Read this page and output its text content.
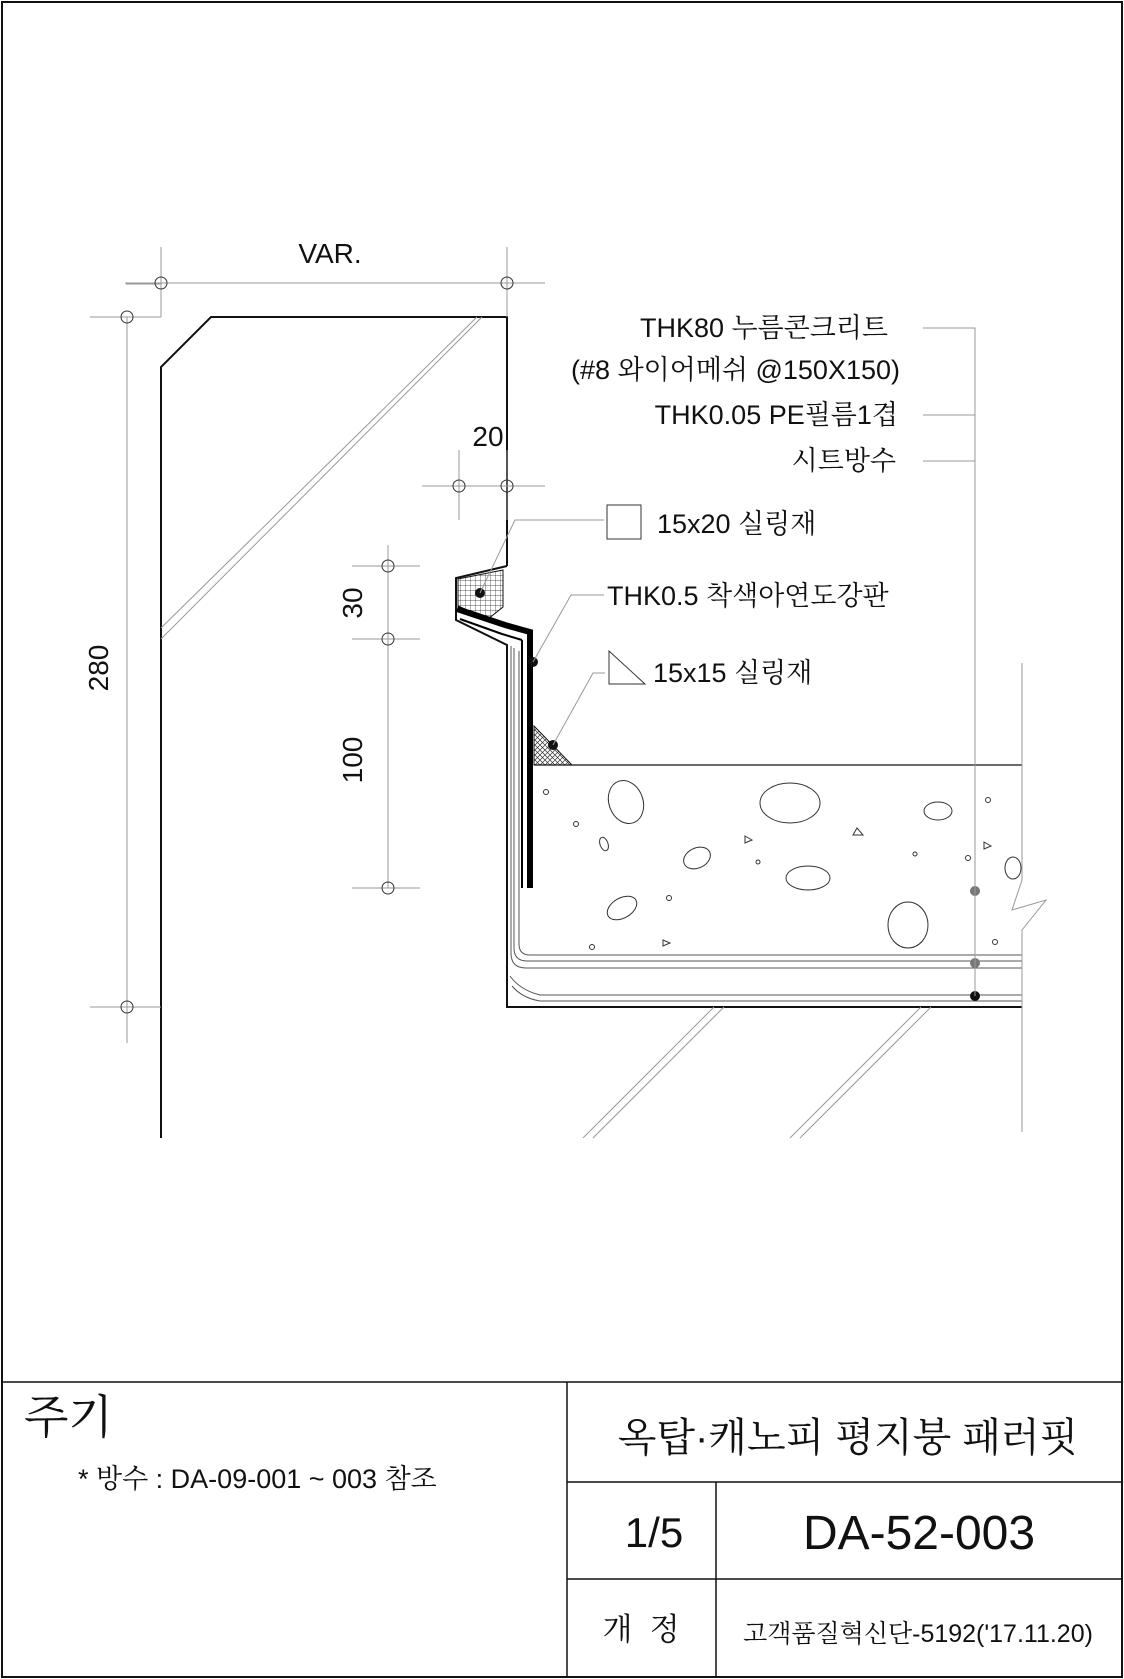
VAR.
20
30
100
280
THK80 누름콘크리트
(#8 와이어메쉬 @150X150)
THK0.05 PE필름1겹
시트방수
15x20 실링재
THK0.5 착색아연도강판
15x15 실링재
주기
* 방수 : DA-09-001 ~ 003 참조
옥탑·캐노피 평지붕 패러핏
1/5 DA-52-003
개  정	고객품질혁신단-5192('17.11.20)
